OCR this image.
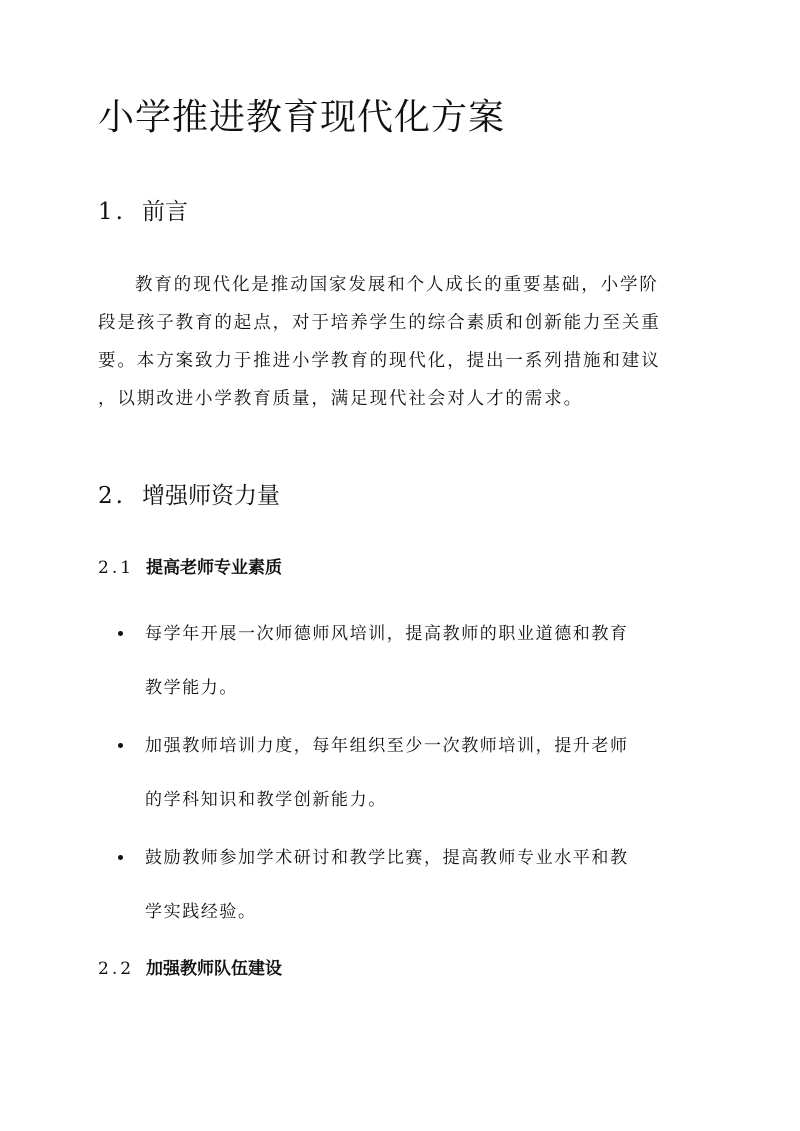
小学推进教育现代化方案
1. 前言

教育的现代化是推动国家发展和个人成长的重要基础，小学阶
段是孩子教育的起点，对于培养学生的综合素质和创新能力至关重
要。本方案致力于推进小学教育的现代化，提出一系列措施和建议
，以期改进小学教育质量，满足现代社会对人才的需求。

2. 增强师资力量
2.1 提高老师专业素质
每学年开展一次师德师风培训，提高教师的职业道德和教育
教学能力。
加强教师培训力度，每年组织至少一次教师培训，提升老师
的学科知识和教学创新能力。
鼓励教师参加学术研讨和教学比赛，提高教师专业水平和教
学实践经验。
2.2 加强教师队伍建设
